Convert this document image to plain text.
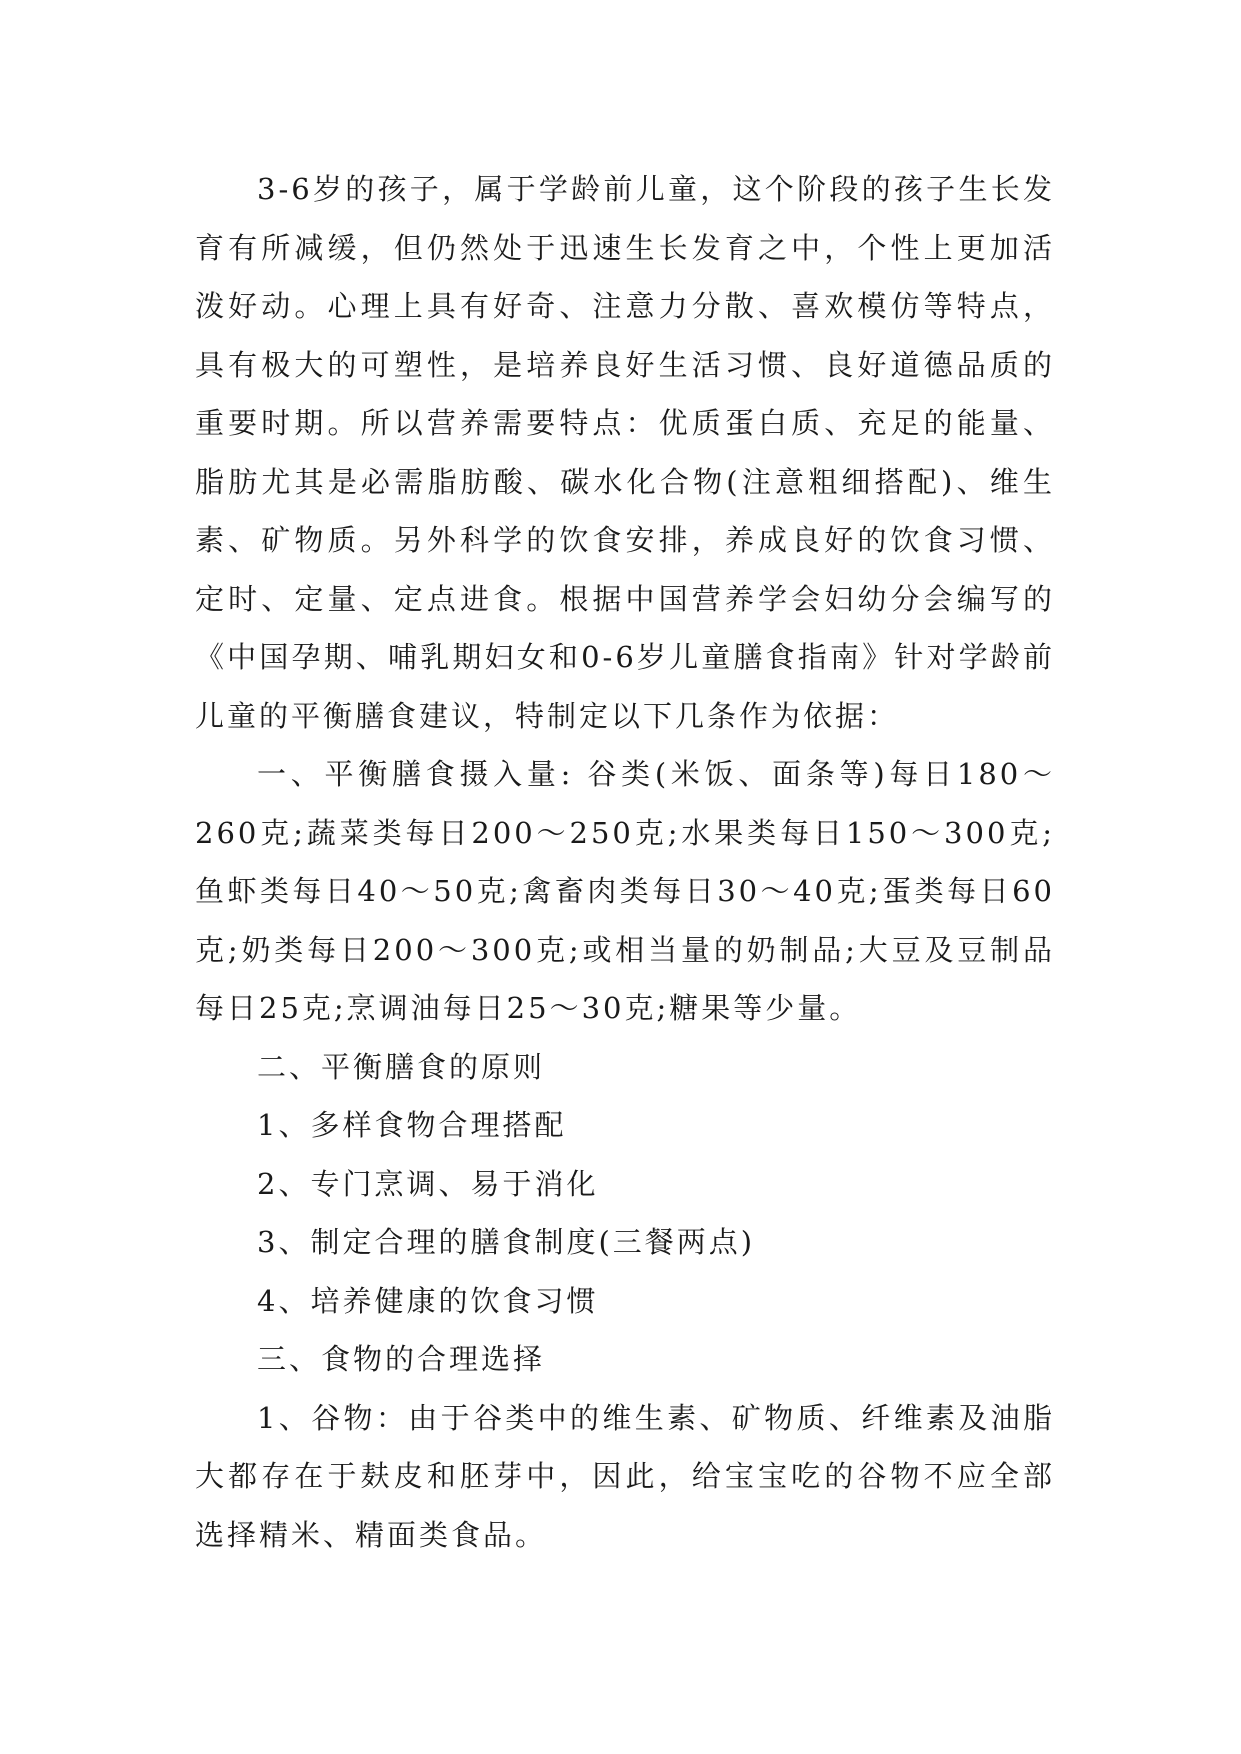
3-6岁的孩子，属于学龄前儿童，这个阶段的孩子生长发育有所减缓，但仍然处于迅速生长发育之中，个性上更加活泼好动。心理上具有好奇、注意力分散、喜欢模仿等特点，具有极大的可塑性，是培养良好生活习惯、良好道德品质的重要时期。所以营养需要特点：优质蛋白质、充足的能量、脂肪尤其是必需脂肪酸、碳水化合物(注意粗细搭配)、维生素、矿物质。另外科学的饮食安排，养成良好的饮食习惯、定时、定量、定点进食。根据中国营养学会妇幼分会编写的《中国孕期、哺乳期妇女和0-6岁儿童膳食指南》针对学龄前儿童的平衡膳食建议，特制定以下几条作为依据：

一、平衡膳食摄入量: 谷类(米饭、面条等)每日180～260克;蔬菜类每日200～250克;水果类每日150～300克;鱼虾类每日40～50克;禽畜肉类每日30～40克;蛋类每日60克;奶类每日200～300克;或相当量的奶制品;大豆及豆制品每日25克;烹调油每日25～30克;糖果等少量。

二、平衡膳食的原则

1、多样食物合理搭配

2、专门烹调、易于消化

3、制定合理的膳食制度(三餐两点)

4、培养健康的饮食习惯

三、食物的合理选择

1、谷物：由于谷类中的维生素、矿物质、纤维素及油脂大都存在于麸皮和胚芽中，因此，给宝宝吃的谷物不应全部选择精米、精面类食品。
